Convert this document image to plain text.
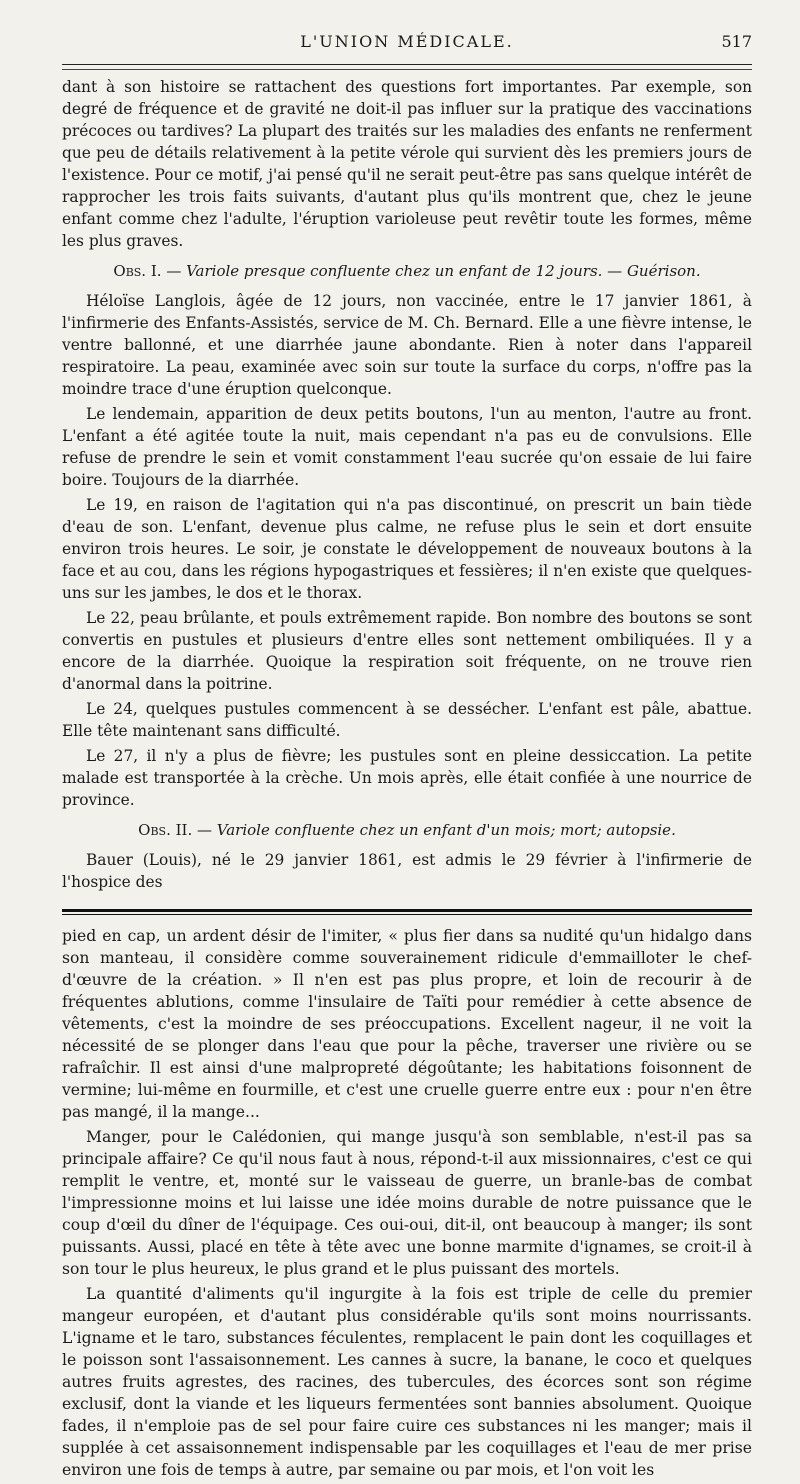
L'UNION MÉDICALE.	517

dant à son histoire se rattachent des questions fort importantes. Par exemple, son degré de fréquence et de gravité ne doit-il pas influer sur la pratique des vaccinations précoces ou tardives? La plupart des traités sur les maladies des enfants ne renferment que peu de détails relativement à la petite vérole qui survient dès les premiers jours de l'existence. Pour ce motif, j'ai pensé qu'il ne serait peut-être pas sans quelque intérêt de rapprocher les trois faits suivants, d'autant plus qu'ils montrent que, chez le jeune enfant comme chez l'adulte, l'éruption varioleuse peut revêtir toute les formes, même les plus graves.

Obs. I. — Variole presque confluente chez un enfant de 12 jours. — Guérison.

Héloïse Langlois, âgée de 12 jours, non vaccinée, entre le 17 janvier 1861, à l'infirmerie des Enfants-Assistés, service de M. Ch. Bernard. Elle a une fièvre intense, le ventre ballonné, et une diarrhée jaune abondante. Rien à noter dans l'appareil respiratoire. La peau, examinée avec soin sur toute la surface du corps, n'offre pas la moindre trace d'une éruption quelconque.

Le lendemain, apparition de deux petits boutons, l'un au menton, l'autre au front. L'enfant a été agitée toute la nuit, mais cependant n'a pas eu de convulsions. Elle refuse de prendre le sein et vomit constamment l'eau sucrée qu'on essaie de lui faire boire. Toujours de la diarrhée.

Le 19, en raison de l'agitation qui n'a pas discontinué, on prescrit un bain tiède d'eau de son. L'enfant, devenue plus calme, ne refuse plus le sein et dort ensuite environ trois heures. Le soir, je constate le développement de nouveaux boutons à la face et au cou, dans les régions hypogastriques et fessières; il n'en existe que quelques-uns sur les jambes, le dos et le thorax.

Le 22, peau brûlante, et pouls extrêmement rapide. Bon nombre des boutons se sont convertis en pustules et plusieurs d'entre elles sont nettement ombiliquées. Il y a encore de la diarrhée. Quoique la respiration soit fréquente, on ne trouve rien d'anormal dans la poitrine.

Le 24, quelques pustules commencent à se dessécher. L'enfant est pâle, abattue. Elle tête maintenant sans difficulté.

Le 27, il n'y a plus de fièvre; les pustules sont en pleine dessiccation. La petite malade est transportée à la crèche. Un mois après, elle était confiée à une nourrice de province.

Obs. II. — Variole confluente chez un enfant d'un mois; mort; autopsie.

Bauer (Louis), né le 29 janvier 1861, est admis le 29 février à l'infirmerie de l'hospice des

pied en cap, un ardent désir de l'imiter, « plus fier dans sa nudité qu'un hidalgo dans son manteau, il considère comme souverainement ridicule d'emmailloter le chef-d'œuvre de la création. » Il n'en est pas plus propre, et loin de recourir à de fréquentes ablutions, comme l'insulaire de Taïti pour remédier à cette absence de vêtements, c'est la moindre de ses préoccupations. Excellent nageur, il ne voit la nécessité de se plonger dans l'eau que pour la pêche, traverser une rivière ou se rafraîchir. Il est ainsi d'une malpropreté dégoûtante; les habitations foisonnent de vermine; lui-même en fourmille, et c'est une cruelle guerre entre eux : pour n'en être pas mangé, il la mange...

Manger, pour le Calédonien, qui mange jusqu'à son semblable, n'est-il pas sa principale affaire? Ce qu'il nous faut à nous, répond-t-il aux missionnaires, c'est ce qui remplit le ventre, et, monté sur le vaisseau de guerre, un branle-bas de combat l'impressionne moins et lui laisse une idée moins durable de notre puissance que le coup d'œil du dîner de l'équipage. Ces oui-oui, dit-il, ont beaucoup à manger; ils sont puissants. Aussi, placé en tête à tête avec une bonne marmite d'ignames, se croit-il à son tour le plus heureux, le plus grand et le plus puissant des mortels.

La quantité d'aliments qu'il ingurgite à la fois est triple de celle du premier mangeur européen, et d'autant plus considérable qu'ils sont moins nourrissants. L'igname et le taro, substances féculentes, remplacent le pain dont les coquillages et le poisson sont l'assaisonnement. Les cannes à sucre, la banane, le coco et quelques autres fruits agrestes, des racines, des tubercules, des écorces sont son régime exclusif, dont la viande et les liqueurs fermentées sont bannies absolument. Quoique fades, il n'emploie pas de sel pour faire cuire ces substances ni les manger; mais il supplée à cet assaisonnement indispensable par les coquillages et l'eau de mer prise environ une fois de temps à autre, par semaine ou par mois, et l'on voit les
